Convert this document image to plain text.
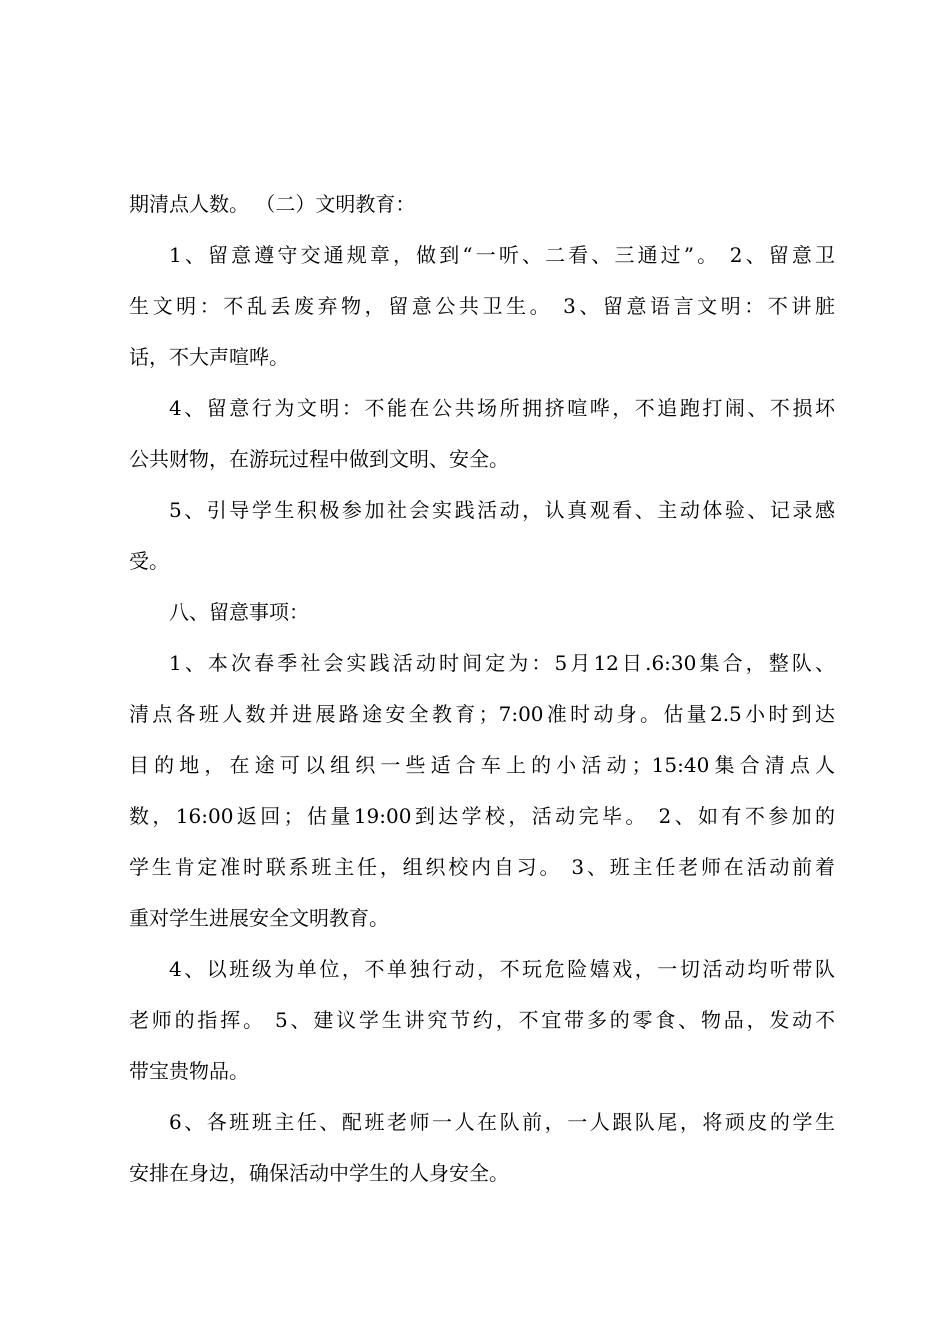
期清点人数。 （二）文明教育：
1、留意遵守交通规章，做到“一听、二看、三通过”。 2、留意卫
生文明：不乱丢废弃物，留意公共卫生。 3、留意语言文明：不讲脏
话，不大声喧哗。
4、留意行为文明：不能在公共场所拥挤喧哗，不追跑打闹、不损坏
公共财物，在游玩过程中做到文明、安全。
5、引导学生积极参加社会实践活动，认真观看、主动体验、记录感
受。
八、留意事项：
1、本次春季社会实践活动时间定为：5月12日.6:30集合，整队、
清点各班人数并进展路途安全教育；7:00准时动身。估量2.5小时到达
目的地，在途可以组织一些适合车上的小活动；15:40集合清点人
数，16:00返回；估量19:00到达学校，活动完毕。 2、如有不参加的
学生肯定准时联系班主任，组织校内自习。 3、班主任老师在活动前着
重对学生进展安全文明教育。
4、以班级为单位，不单独行动，不玩危险嬉戏，一切活动均听带队
老师的指挥。 5、建议学生讲究节约，不宜带多的零食、物品，发动不
带宝贵物品。
6、各班班主任、配班老师一人在队前，一人跟队尾，将顽皮的学生
安排在身边，确保活动中学生的人身安全。
